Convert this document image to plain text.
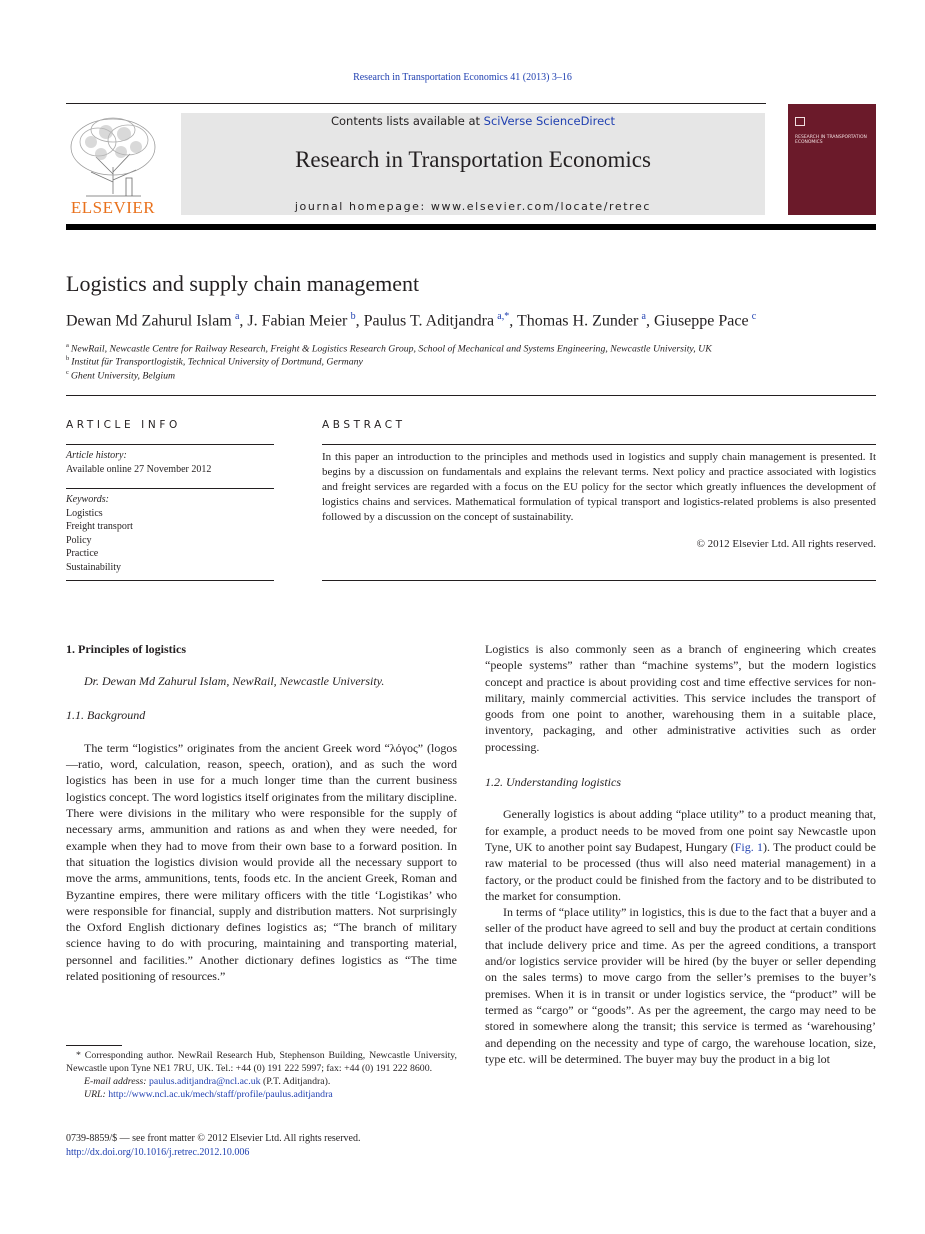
Research in Transportation Economics 41 (2013) 3–16
ELSEVIER
Contents lists available at SciVerse ScienceDirect
Research in Transportation Economics
journal homepage: www.elsevier.com/locate/retrec
RESEARCH IN TRANSPORTATION ECONOMICS
Logistics and supply chain management
Dewan Md Zahurul Islam  $^a$, J. Fabian Meier  $^b$, Paulus T. Aditjandra  $^{a,*}$, Thomas H. Zunder  $^a$, Giuseppe Pace  $^c$
$^a$  NewRail, Newcastle Centre for Railway Research, Freight & Logistics Research Group, School of Mechanical and Systems Engineering, Newcastle University, UK
$^b$  Institut für Transportlogistik, Technical University of Dortmund, Germany
$^c$  Ghent University, Belgium
ARTICLE INFO
Article history:
Available online 27 November 2012
Keywords:
Logistics
Freight transport
Policy
Practice
Sustainability
ABSTRACT
In this paper an introduction to the principles and methods used in logistics and supply chain management is presented. It begins by a discussion on fundamentals and explains the relevant terms. Next policy and practice associated with logistics and freight services are regarded with a focus on the EU policy for the sector which greatly influences the development of logistics chains and services. Mathematical formulation of typical transport and logistics-related problems is also presented followed by a discussion on the concept of sustainability.
© 2012 Elsevier Ltd. All rights reserved.

1. Principles of logistics

Dr. Dewan Md Zahurul Islam, NewRail, Newcastle University.

1.1. Background

The term “logistics” originates from the ancient Greek word “λόγος” (logos—ratio, word, calculation, reason, speech, oration), and as such the word logistics has been in use for a much longer time than the current business logistics concept. The word logistics itself originates from the military discipline. There were divisions in the military who were responsible for the supply of necessary arms, ammunition and rations as and when they were needed, for example when they had to move from their own base to a forward position. In that situation the logistics division would provide all the necessary support to move the arms, ammunitions, tents, foods etc. In the ancient Greek, Roman and Byzantine empires, there were military officers with the title ‘Logistikas’ who were responsible for financial, supply and distribution matters. Not surprisingly the Oxford English dictionary defines logistics as; “The branch of military science having to do with procuring, maintaining and transporting material, personnel and facilities.” Another dictionary defines logistics as “The time related positioning of resources.”

Logistics is also commonly seen as a branch of engineering which creates “people systems” rather than “machine systems”, but the modern logistics concept and practice is about providing cost and time effective services for non-military, mainly commercial activities. This service includes the transport of goods from one point to another, warehousing them in a suitable place, inventory, packaging, and other administrative activities such as order processing.

1.2. Understanding logistics

Generally logistics is about adding “place utility” to a product meaning that, for example, a product needs to be moved from one point say Newcastle upon Tyne, UK to another point say Budapest, Hungary (Fig. 1). The product could be raw material to be processed (thus will also need material management) in a factory, or the product could be finished from the factory and to be distributed to the market for consumption.

In terms of “place utility” in logistics, this is due to the fact that a buyer and a seller of the product have agreed to sell and buy the product at certain conditions that include delivery price and time. As per the agreed conditions, a transport and/or logistics service provider will be hired (by the buyer or seller depending on the sales terms) to move cargo from the seller’s premises to the buyer’s premises. When it is in transit or under logistics service, the “product” will be termed as “cargo” or “goods”. As per the agreement, the cargo may need to be stored in somewhere along the transit; this service is termed as ‘warehousing’ and depending on the necessity and type of cargo, the warehouse location, size, type etc. will be determined. The buyer may buy the product in a big lot

* Corresponding author. NewRail Research Hub, Stephenson Building, Newcastle University, Newcastle upon Tyne NE1 7RU, UK. Tel.: +44 (0) 191 222 5997; fax: +44 (0) 191 222 8600.
E-mail address: paulus.aditjandra@ncl.ac.uk (P.T. Aditjandra).
URL: http://www.ncl.ac.uk/mech/staff/profile/paulus.aditjandra
0739-8859/$ — see front matter © 2012 Elsevier Ltd. All rights reserved.
http://dx.doi.org/10.1016/j.retrec.2012.10.006
